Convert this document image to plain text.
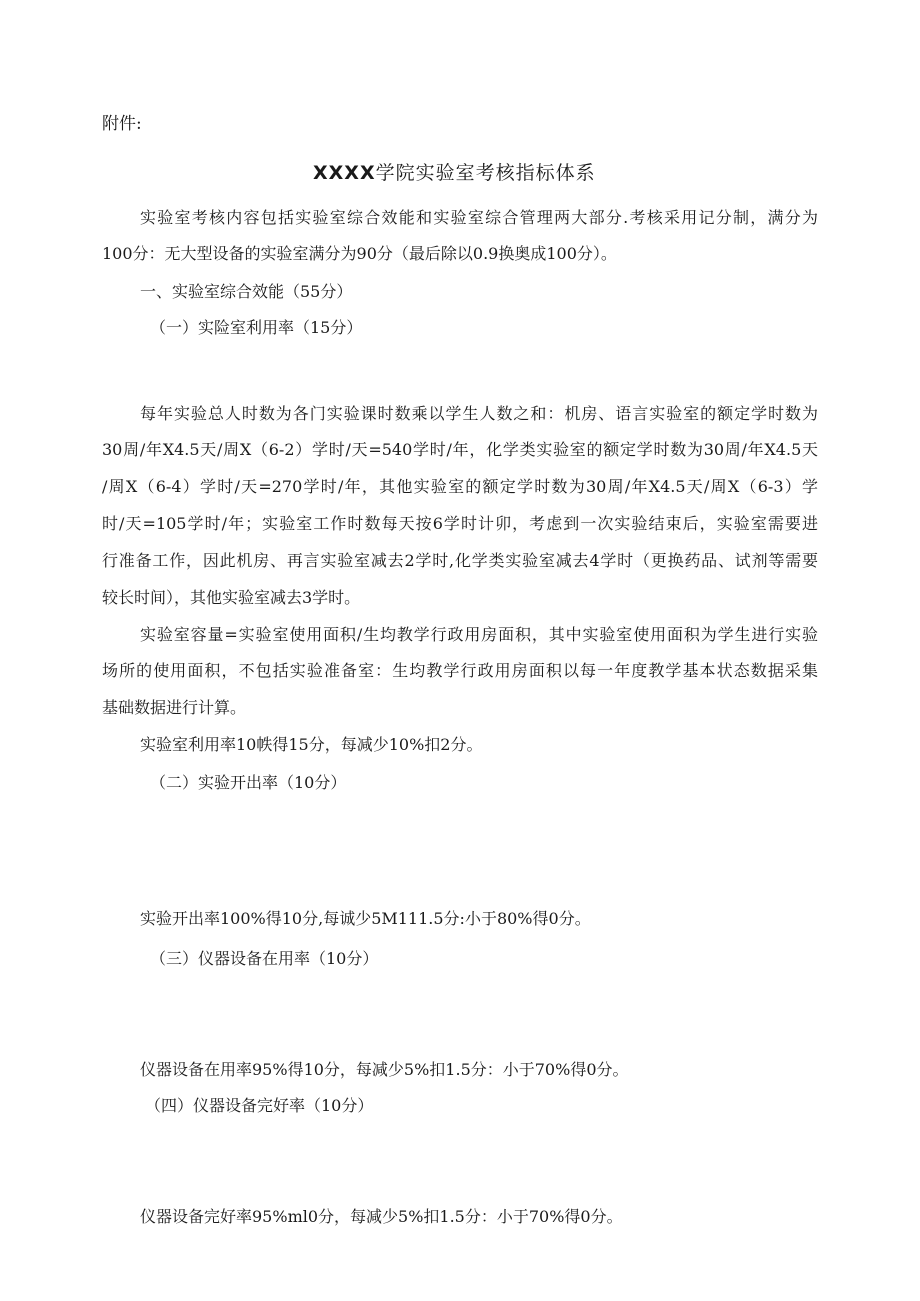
附件:
XXXX学院实验室考核指标体系
实验室考核内容包括实验室综合效能和实验室综合管理两大部分.考核采用记分制，满分为
100分：无大型设备的实验室满分为90分（最后除以0.9换奥成100分）。
一、实验室综合效能（55分）
（一）实险室利用率（15分）
每年实验总人时数为各门实验课时数乘以学生人数之和：机房、语言实验室的额定学时数为
30周/年X4.5天/周X（6-2）学时/天=540学时/年，化学类实验室的额定学时数为30周/年X4.5天
/周X（6-4）学时/天=270学时/年，其他实验室的额定学时数为30周/年X4.5天/周X（6-3）学
时/天=105学时/年；实验室工作时数每天按6学时计卯，考虑到一次实验结束后，实验室需要进
行准备工作，因此机房、再言实验室减去2学时,化学类实验室减去4学时（更换药品、试剂等需要
较长时间），其他实验室减去3学时。
实验室容量=实验室使用面积/生均教学行政用房面积，其中实验室使用面积为学生进行实验
场所的使用面积，不包括实验准备室：生均教学行政用房面积以每一年度教学基本状态数据采集
基础数据进行计算。
实验室利用率10帙得15分，每减少10%扣2分。
（二）实验开出率（10分）
实验开出率100%得10分,每诚少5M111.5分:小于80%得0分。
（三）仪器设备在用率（10分）
仪器设备在用率95%得10分，每减少5%扣1.5分：小于70%得0分。
（四）仪器设备完好率（10分）
仪器设备完好率95%ml0分，每减少5%扣1.5分：小于70%得0分。
